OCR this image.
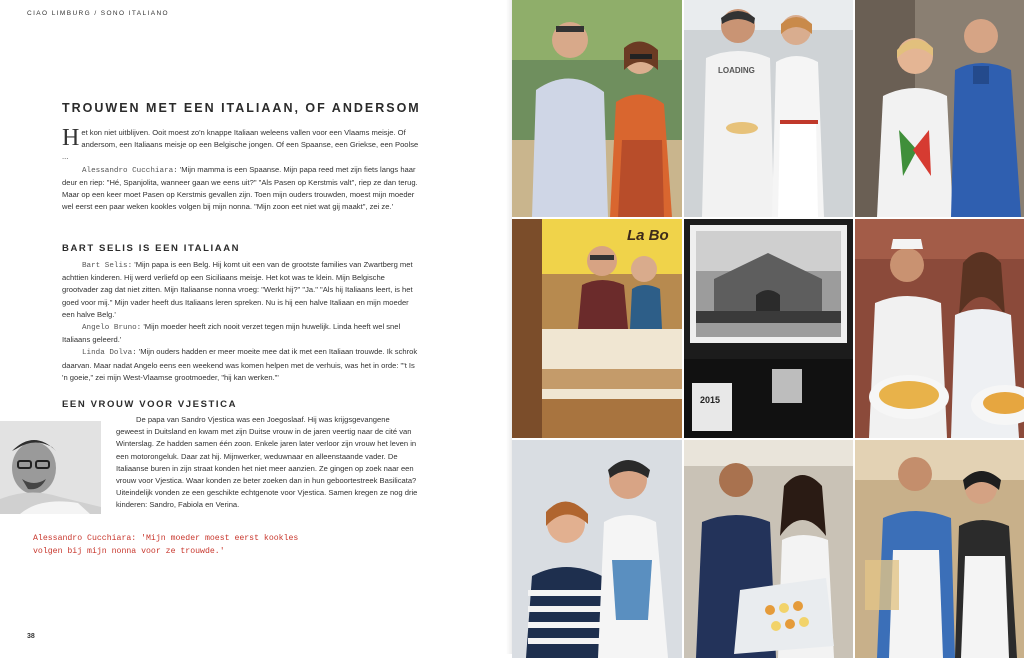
CIAO LIMBURG / SONO ITALIANO
TROUWEN MET EEN ITALIAAN, OF ANDERSOM

Het kon niet uitblijven. Ooit moest zo'n knappe Italiaan weleens vallen voor een Vlaams meisje. Of andersom, een Italiaans meisje op een Belgische jongen. Of een Spaanse, een Griekse, een Poolse ...

Alessandro Cucchiara: 'Mijn mamma is een Spaanse. Mijn papa reed met zijn fiets langs haar deur en riep: "Hé, Spanjolita, wanneer gaan we eens uit?" "Als Pasen op Kerstmis valt", riep ze dan terug. Maar op een keer moet Pasen op Kerstmis gevallen zijn. Toen mijn ouders trouwden, moest mijn moeder wel eerst een paar weken kookles volgen bij mijn nonna. "Mijn zoon eet niet wat gij maakt", zei ze.'

BART SELIS IS EEN ITALIAAN

Bart Selis: 'Mijn papa is een Belg. Hij komt uit een van de grootste families van Zwartberg met achttien kinderen. Hij werd verliefd op een Siciliaans meisje. Het kot was te klein. Mijn Belgische grootvader zag dat niet zitten. Mijn Italiaanse nonna vroeg: "Werkt hij?" "Ja." "Als hij Italiaans leert, is het goed voor mij." Mijn vader heeft dus Italiaans leren spreken. Nu is hij een halve Italiaan en mijn moeder een halve Belg.'

Angelo Bruno: 'Mijn moeder heeft zich nooit verzet tegen mijn huwelijk. Linda heeft wel snel Italiaans geleerd.'

Linda Dolva: 'Mijn ouders hadden er meer moeite mee dat ik met een Italiaan trouwde. Ik schrok daarvan. Maar nadat Angelo eens een weekend was komen helpen met de verhuis, was het in orde: "'t Is 'n goeie," zei mijn West-Vlaamse grootmoeder, "hij kan werken."'

EEN VROUW VOOR VJESTICA

De papa van Sandro Vjestica was een Joegoslaaf. Hij was krijgsgevangene geweest in Duitsland en kwam met zijn Duitse vrouw in de jaren veertig naar de cité van Winterslag. Ze hadden samen één zoon. Enkele jaren later verloor zijn vrouw het leven in een motorongeluk. Daar zat hij. Mijnwerker, weduwnaar en alleenstaande vader. De Italiaanse buren in zijn straat konden het niet meer aanzien. Ze gingen op zoek naar een vrouw voor Vjestica. Waar konden ze beter zoeken dan in hun geboortestreek Basilicata? Uiteindelijk vonden ze een geschikte echtgenote voor Vjestica. Samen kregen ze nog drie kinderen: Sandro, Fabiola en Verina.

Alessandro Cucchiara: 'Mijn moeder moest eerst kookles
volgen bij mijn nonna voor ze trouwde.'

38
LOADING
La Bo
2015
